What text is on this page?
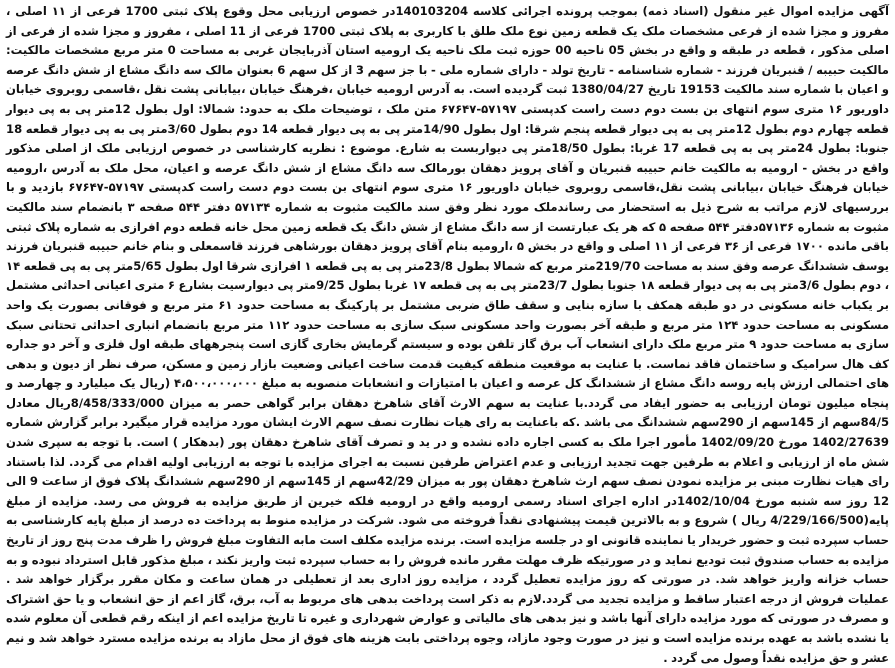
آگهی مزایده اموال غیر منقول (اسناد ذمه) بموجب پرونده اجرائی کلاسه 140103204در خصوص ارزیابی محل وقوع پلاک ثبتی 1700 فرعی از ۱۱ اصلی ، مفروز و مجزا شده از فرعی مشخصات ملک یک قطعه زمین نوع ملک طلق با کاربری به پلاک ثبتی 1700 فرعی از 11 اصلی ، مفروز و مجزا شده از فرعی از اصلی مذکور ، قطعه در طبقه و واقع در بخش 05 ناحیه 00 حوزه ثبت ملک ناحیه یک ارومیه استان آذربایجان غربی به مساحت 0 متر مربع مشخصات مالکیت: مالکیت حبیبه / قنبریان فرزند - شماره شناسنامه - تاریخ تولد - دارای شماره ملی - با جز سهم 3 از کل سهم 6 بعنوان مالک سه دانگ مشاع از شش دانگ عرصه و اعیان با شماره سند مالکیت 19153 تاریخ 1380/04/27 ثبت گردیده است. به آدرس ارومیه خیابان ،فرهنگ خیابان ،بیابانی پشت نقل ،قاسمی روبروی خیابان داوریور ۱۶ متری سوم انتهای بن بست دوم دست راست کدپستی ۵۷۱۹۷-۶۷۶۴۷ متن ملک ، توضیحات ملک به حدود: شمالا: اول بطول 12متر پی به پی دیوار قطعه چهارم دوم بطول 12متر پی به پی دیوار قطعه پنجم شرقا: اول بطول 14/90متر پی به پی دیوار قطعه 14 دوم بطول 3/60متر پی به پی دیوار قطعه 18 جنوبا: بطول 24متر پی به پی قطعه 17 غربا: بطول 18/50متر پی دیواربست به شارع. موضوع : نظریه کارشناسی در خصوص ارزیابی ملک از اصلی مذکور واقع در بخش - ارومیه به مالکیت خانم حبیبه قنبریان و آقای پرویز دهقان بورمالک سه دانگ مشاع از شش دانگ عرصه و اعیان، محل ملک به آدرس ،ارومیه خیابان فرهنگ خیابان ،بیابانی پشت نقل،قاسمی روبروی خیابان داوریور ۱۶ متری سوم انتهای بن بست دوم دست راست کدپستی ۵۷۱۹۷-۶۷۶۴۷ بازدید و با بررسیهای لازم مراتب به شرح ذیل به استحضار می رساندملک مورد نظر وفق سند مالکیت مثبوت به شماره ۵۷۱۳۴ دفتر ۵۴۴ صفحه ۳ بانضمام سند مالکیت مثبوت به شماره ۵۷۱۳۶دفتر ۵۴۴ صفحه ۵ که هر یک عبارتست از سه دانگ مشاع از شش دانگ یک قطعه زمین محل خانه قطعه دوم افرازی به شماره پلاک ثبتی باقی مانده ۱۷۰۰ فرعی از ۳۶ فرعی از ۱۱ اصلی و واقع در بخش ۵ ،ارومیه بنام آقای پرویز دهقان بورشاهی فرزند قاسمعلی و بنام خانم حبیبه قنبریان فرزند یوسف ششدانگ عرصه وفق سند به مساحت 219/70متر مربع که شمالا بطول 23/8متر پی به پی قطعه ۱ افرازی شرقا اول بطول 5/65متر پی به پی قطعه ۱۴ ، دوم بطول 3/6متر پی به پی دیوار قطعه ۱۸ جنوبا بطول 23/7متر پی به پی قطعه ۱۷ غربا بطول 9/25متر پی دیوارسیت بشارع ۶ متری اعیانی احداثی مشتمل بر یکباب خانه مسکونی در دو طبقه همکف با سازه بنایی و سقف طاق ضربی مشتمل بر پارکینگ به مساحت حدود ۶۱ متر مربع و فوقانی بصورت یک واحد مسکونی به مساحت حدود ۱۲۴ متر مربع و طبقه آخر بصورت واحد مسکونی سبک سازی به مساحت حدود ۱۱۲ متر مربع بانضمام انباری احداثی تحتانی سبک سازی به مساحت حدود ۹ متر مربع ملک دارای انشعاب آب برق گاز تلفن بوده و سیستم گرمایش بخاری گازی است پنجرههای طبقه اول فلزی و آخر دو جداره کف هال سرامیک و ساختمان فاقد نماست. با عنایت به موقعیت منطقه کیفیت قدمت ساخت اعیانی وضعیت بازار زمین و مسکن، صرف نظر از دیون و بدهی های احتمالی ارزش پایه روسه دانگ مشاع از ششدانگ کل عرصه و اعیان با امتیازات و انشعابات منصوبه به مبلغ ۴،۵۰۰،۰۰۰،۰۰۰ (ریال یک میلیارد و چهارصد و پنجاه میلیون تومان ارزیابی به حضور ایفاد می گردد.با عنایت به سهم الارث آقای شاهرخ دهقان برابر گواهی حصر به میزان 8/458/333/000ریال معادل 84/5سهم از 145سهم از 290سهم ششدانگ می باشد .که باعنایت به رای هیات نظارت نصف سهم الارث ایشان مورد مزایده قرار میگیرد برابر گزارش شماره 1402/27639 مورخ 1402/09/20 مأمور اجرا ملک به کسی اجاره داده نشده و در ید و تصرف آقای شاهرخ دهقان پور (بدهکار ) است. با توجه به سپری شدن شش ماه از ارزیابی و اعلام به طرفین جهت تجدید ارزیابی و عدم اعتراض طرفین نسبت به اجرای مزایده با توجه به ارزیابی اولیه اقدام می گردد. لذا باستناد رای هیات نظارت مبنی بر مزایده نمودن نصف سهم ارث شاهرخ دهقان پور به میزان 42/29سهم از 145سهم از 290سهم ششدانگ پلاک فوق از ساعت 9 الی 12 روز سه شنبه مورخ 1402/10/04در اداره اجرای اسناد رسمی ارومیه واقع در ارومیه فلکه خیرین از طریق مزایده به فروش می رسد. مزایده از مبلغ پایه(4/229/166/500 ریال ) شروع و به بالاترین قیمت پیشنهادی نقداً فروخته می شود. شرکت در مزایده منوط به پرداخت ده درصد از مبلغ پایه کارشناسی به حساب سپرده ثبت و حضور خریدار یا نماینده قانونی او در جلسه مزایده است. برنده مزایده مکلف است مابه التفاوت مبلغ فروش را ظرف مدت پنج روز از تاریخ مزایده به حساب صندوق ثبت تودیع نماید و در صورتیکه ظرف مهلت مقرر مانده فروش را به حساب سپرده ثبت واریز نکند ، مبلغ مذکور قابل استرداد نبوده و به حساب خزانه واریز خواهد شد. در صورتی که روز مزایده تعطیل گردد ، مزایده روز اداری بعد از تعطیلی در همان ساعت و مکان مقرر برگزار خواهد شد . عملیات فروش از درجه اعتبار ساقط و مزایده تجدید می گردد.لازم به ذکر است پرداخت بدهی های مربوط به آب، برق، گاز اعم از حق انشعاب و یا حق اشتراک و مصرف در صورتی که مورد مزایده دارای آنها باشد و نیز بدهی های مالیاتی و عوارض شهرداری و غیره تا تاریخ مزایده اعم از اینکه رقم قطعی آن معلوم شده یا نشده باشد به عهده برنده مزایده است و نیز در صورت وجود مازاد، وجوه پرداختی بابت هزینه های فوق از محل مازاد به برنده مزایده مسترد خواهد شد و نیم عشر و حق مزایده نقداً وصول می گردد .
